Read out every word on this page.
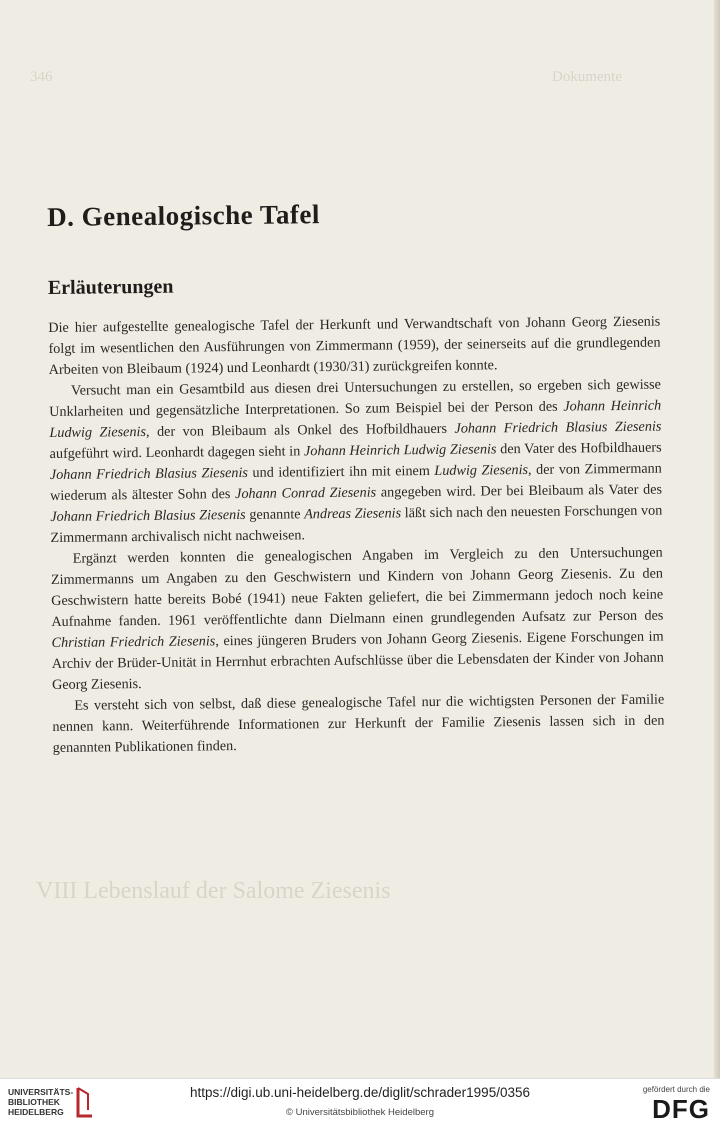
346	Dokumente
VIII Lebenslauf der Salome Ziesenis
D. Genealogische Tafel
Erläuterungen

Die hier aufgestellte genealogische Tafel der Herkunft und Verwandtschaft von Johann Georg Ziesenis folgt im wesentlichen den Ausführungen von Zimmermann (1959), der seinerseits auf die grundlegenden Arbeiten von Bleibaum (1924) und Leonhardt (1930/31) zurückgreifen konnte.

Versucht man ein Gesamtbild aus diesen drei Untersuchungen zu erstellen, so ergeben sich gewisse Unklarheiten und gegensätzliche Interpretationen. So zum Beispiel bei der Person des Johann Heinrich Ludwig Ziesenis, der von Bleibaum als Onkel des Hofbildhauers Johann Friedrich Blasius Ziesenis aufgeführt wird. Leonhardt dagegen sieht in Johann Heinrich Ludwig Ziesenis den Vater des Hofbildhauers Johann Friedrich Blasius Ziesenis und identifiziert ihn mit einem Ludwig Ziesenis, der von Zimmermann wiederum als ältester Sohn des Johann Conrad Ziesenis angegeben wird. Der bei Bleibaum als Vater des Johann Friedrich Blasius Ziesenis genannte Andreas Ziesenis läßt sich nach den neuesten Forschungen von Zimmermann archivalisch nicht nachweisen.

Ergänzt werden konnten die genealogischen Angaben im Vergleich zu den Untersuchungen Zimmermanns um Angaben zu den Geschwistern und Kindern von Johann Georg Ziesenis. Zu den Geschwistern hatte bereits Bobé (1941) neue Fakten geliefert, die bei Zimmermann jedoch noch keine Aufnahme fanden. 1961 veröffentlichte dann Dielmann einen grundlegenden Aufsatz zur Person des Christian Friedrich Ziesenis, eines jüngeren Bruders von Johann Georg Ziesenis. Eigene Forschungen im Archiv der Brüder-Unität in Herrnhut erbrachten Aufschlüsse über die Lebensdaten der Kinder von Johann Georg Ziesenis.

Es versteht sich von selbst, daß diese genealogische Tafel nur die wichtigsten Personen der Familie nennen kann. Weiterführende Informationen zur Herkunft der Familie Ziesenis lassen sich in den genannten Publikationen finden.

UNIVERSITÄTS-
BIBLIOTHEK
HEIDELBERG
https://digi.ub.uni-heidelberg.de/diglit/schrader1995/0356
© Universitätsbibliothek Heidelberg
gefördert durch die
DFG
